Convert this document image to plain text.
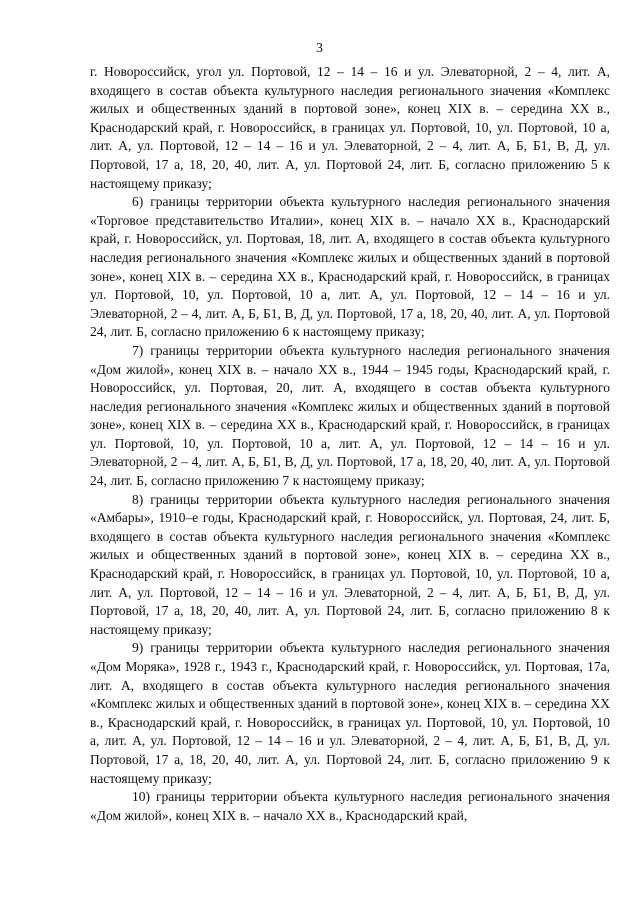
3

г. Новороссийск, угол ул. Портовой, 12 – 14 – 16 и ул. Элеваторной, 2 – 4, лит. А, входящего в состав объекта культурного наследия регионального значения «Комплекс жилых и общественных зданий в портовой зоне», конец XIX в. – середина XX в., Краснодарский край, г. Новороссийск, в границах ул. Портовой, 10, ул. Портовой, 10 а, лит. А, ул. Портовой, 12 – 14 – 16 и ул. Элеваторной, 2 – 4, лит. А, Б, Б1, В, Д, ул. Портовой, 17 а, 18, 20, 40, лит. А, ул. Портовой 24, лит. Б, согласно приложению 5 к настоящему приказу;

6) границы территории объекта культурного наследия регионального значения «Торговое представительство Италии», конец XIX в. – начало XX в., Краснодарский край, г. Новороссийск, ул. Портовая, 18, лит. А, входящего в состав объекта культурного наследия регионального значения «Комплекс жилых и общественных зданий в портовой зоне», конец XIX в. – середина XX в., Краснодарский край, г. Новороссийск, в границах ул. Портовой, 10, ул. Портовой, 10 а, лит. А, ул. Портовой, 12 – 14 – 16 и ул. Элеваторной, 2 – 4, лит. А, Б, Б1, В, Д, ул. Портовой, 17 а, 18, 20, 40, лит. А, ул. Портовой 24, лит. Б, согласно приложению 6 к настоящему приказу;

7) границы территории объекта культурного наследия регионального значения «Дом жилой», конец XIX в. – начало XX в., 1944 – 1945 годы, Краснодарский край, г. Новороссийск, ул. Портовая, 20, лит. А, входящего в состав объекта культурного наследия регионального значения «Комплекс жилых и общественных зданий в портовой зоне», конец XIX в. – середина XX в., Краснодарский край, г. Новороссийск, в границах ул. Портовой, 10, ул. Портовой, 10 а, лит. А, ул. Портовой, 12 – 14 – 16 и ул. Элеваторной, 2 – 4, лит. А, Б, Б1, В, Д, ул. Портовой, 17 а, 18, 20, 40, лит. А, ул. Портовой 24, лит. Б, согласно приложению 7 к настоящему приказу;

8) границы территории объекта культурного наследия регионального значения «Амбары», 1910–е годы, Краснодарский край, г. Новороссийск, ул. Портовая, 24, лит. Б, входящего в состав объекта культурного наследия регионального значения «Комплекс жилых и общественных зданий в портовой зоне», конец XIX в. – середина XX в., Краснодарский край, г. Новороссийск, в границах ул. Портовой, 10, ул. Портовой, 10 а, лит. А, ул. Портовой, 12 – 14 – 16 и ул. Элеваторной, 2 – 4, лит. А, Б, Б1, В, Д, ул. Портовой, 17 а, 18, 20, 40, лит. А, ул. Портовой 24, лит. Б, согласно приложению 8 к настоящему приказу;

9) границы территории объекта культурного наследия регионального значения «Дом Моряка», 1928 г., 1943 г., Краснодарский край, г. Новороссийск, ул. Портовая, 17а, лит. А, входящего в состав объекта культурного наследия регионального значения «Комплекс жилых и общественных зданий в портовой зоне», конец XIX в. – середина XX в., Краснодарский край, г. Новороссийск, в границах ул. Портовой, 10, ул. Портовой, 10 а, лит. А, ул. Портовой, 12 – 14 – 16 и ул. Элеваторной, 2 – 4, лит. А, Б, Б1, В, Д, ул. Портовой, 17 а, 18, 20, 40, лит. А, ул. Портовой 24, лит. Б, согласно приложению 9 к настоящему приказу;

10) границы территории объекта культурного наследия регионального значения «Дом жилой», конец XIX в. – начало XX в., Краснодарский край,
